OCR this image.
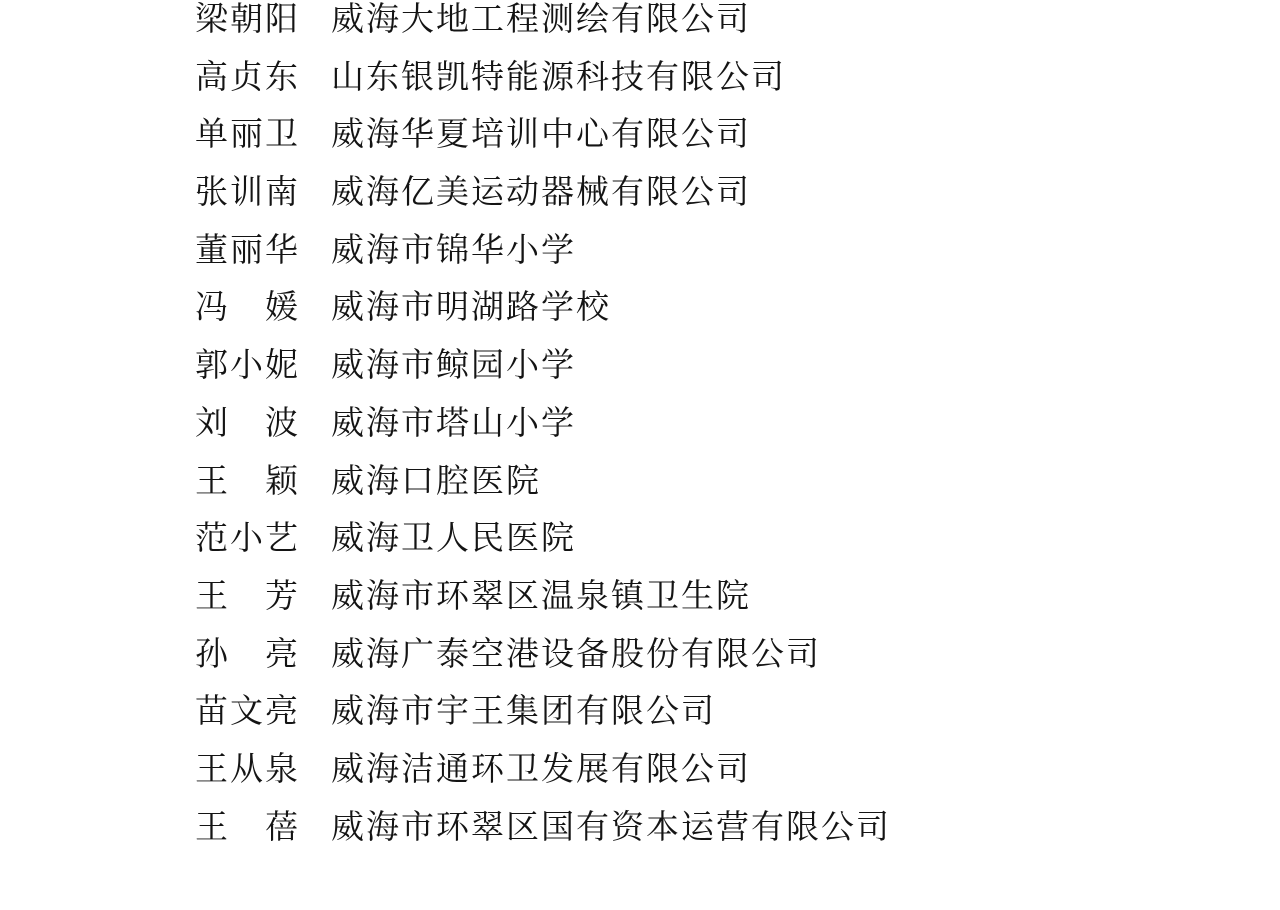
梁朝阳 威海大地工程测绘有限公司
高贞东 山东银凯特能源科技有限公司
单丽卫 威海华夏培训中心有限公司
张训南 威海亿美运动器械有限公司
董丽华 威海市锦华小学
冯　媛 威海市明湖路学校
郭小妮 威海市鲸园小学
刘　波 威海市塔山小学
王　颖 威海口腔医院
范小艺 威海卫人民医院
王　芳 威海市环翠区温泉镇卫生院
孙　亮 威海广泰空港设备股份有限公司
苗文亮 威海市宇王集团有限公司
王从泉 威海洁通环卫发展有限公司
王　蓓 威海市环翠区国有资本运营有限公司
